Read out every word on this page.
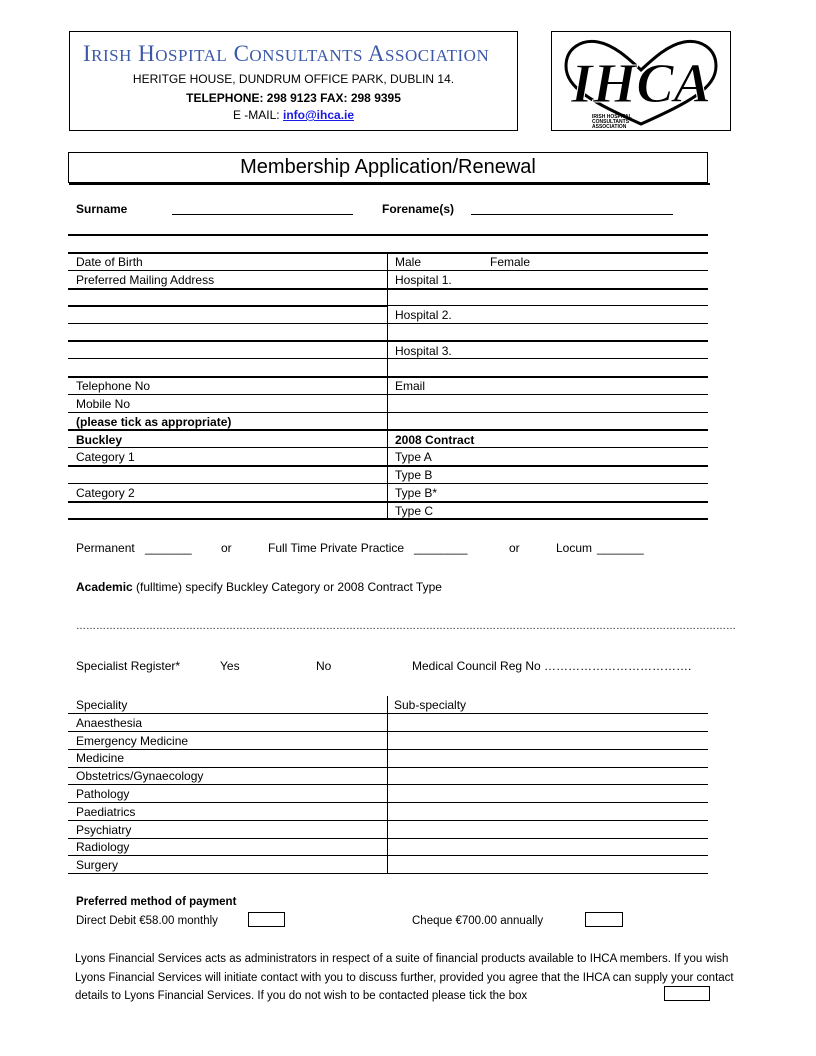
IRISH HOSPITAL CONSULTANTS ASSOCIATION
HERITGE HOUSE, DUNDRUM OFFICE PARK, DUBLIN 14.
TELEPHONE: 298 9123 FAX: 298 9395
E -MAIL: info@ihca.ie	IHCA
IRISH HOSPITAL
CONSULTANTS
ASSOCIATION
Membership Application/Renewal
Surname	Forename(s)
Date of Birth	Male	Female
Preferred Mailing Address	Hospital 1.
Hospital 2.
Hospital 3.
Telephone No	Email
Mobile No
(please tick as appropriate)
Buckley	2008 Contract
Category 1	Type A
Type B
Category 2	Type B*
Type C
Permanent _______ or	Full Time Private Practice ________	or	Locum _______
Academic (fulltime) specify Buckley Category or 2008 Contract Type
………………………………………………………………………………………………………………………………………………………………………………
Specialist Register*	Yes	No	Medical Council Reg No ……………………………….
Speciality	Sub-specialty
Anaesthesia
Emergency Medicine
Medicine
Obstetrics/Gynaecology
Pathology
Paediatrics
Psychiatry
Radiology
Surgery
Preferred method of payment
Direct Debit €58.00 monthly	Cheque €700.00 annually
Lyons Financial Services acts as administrators in respect of a suite of financial products available to IHCA members. If you wish Lyons Financial Services will initiate contact with you to discuss further, provided you agree that the IHCA can supply your contact details to Lyons Financial Services. If you do not wish to be contacted please tick the box
